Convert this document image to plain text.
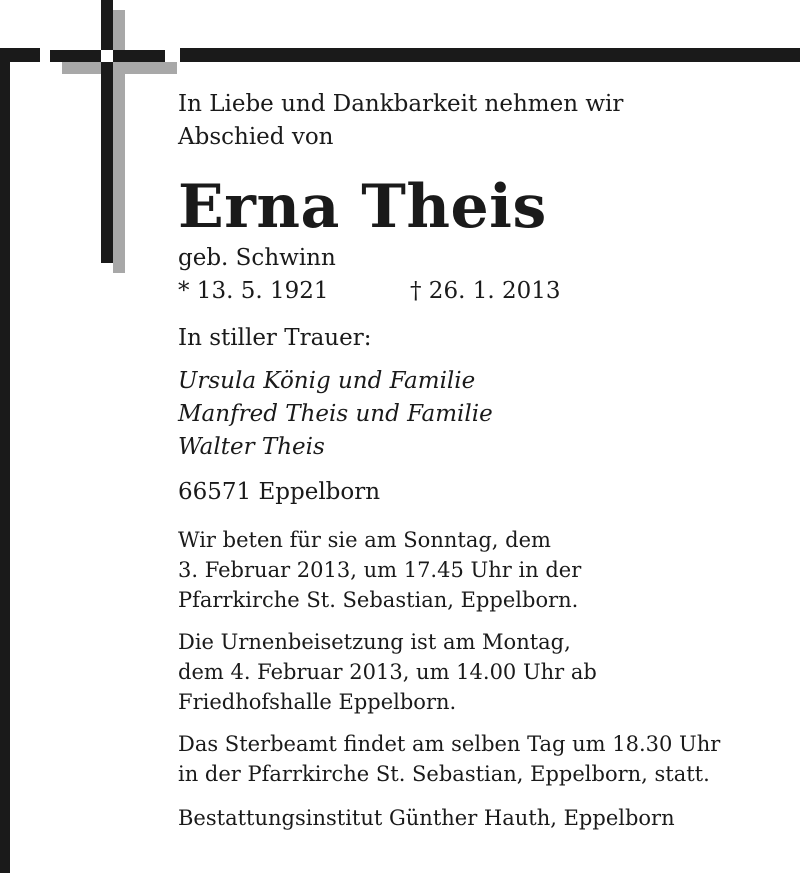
In Liebe und Dankbarkeit nehmen wir
Abschied von
Erna Theis
geb. Schwinn
* 13. 5. 1921	† 26. 1. 2013
In stiller Trauer:
Ursula König und Familie
Manfred Theis und Familie
Walter Theis
66571 Eppelborn
Wir beten für sie am Sonntag, dem
3. Februar 2013, um 17.45 Uhr in der
Pfarrkirche St. Sebastian, Eppelborn.
Die Urnenbeisetzung ist am Montag,
dem 4. Februar 2013, um 14.00 Uhr ab
Friedhofshalle Eppelborn.
Das Sterbeamt findet am selben Tag um 18.30 Uhr
in der Pfarrkirche St. Sebastian, Eppelborn, statt.
Bestattungsinstitut Günther Hauth, Eppelborn
